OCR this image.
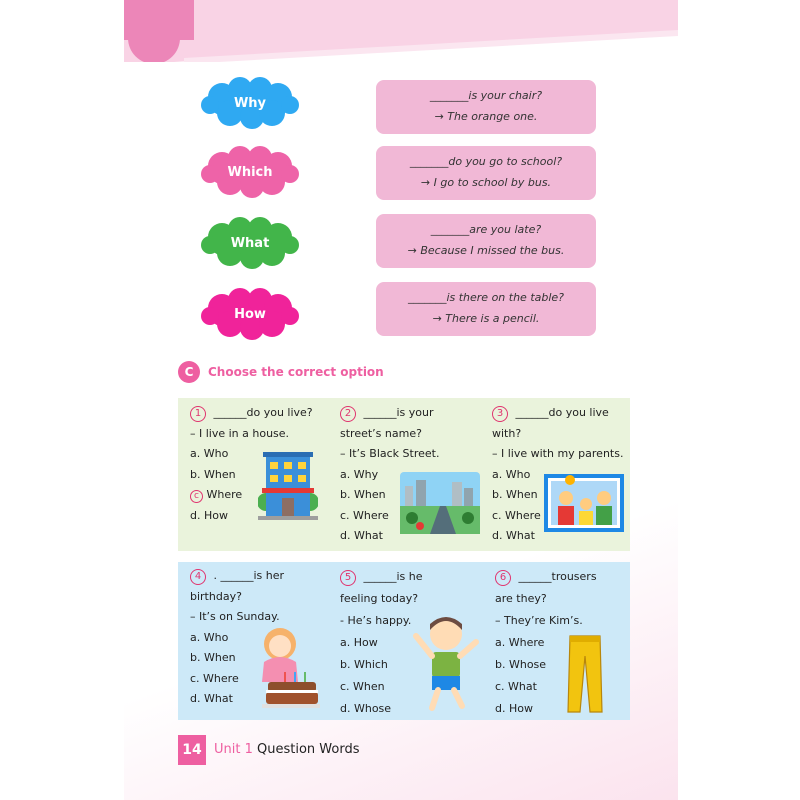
Why
Which
What
How
_______is your chair?
→ The orange one.
_______do you go to school?
→ I go to school by bus.
_______are you late?
→ Because I missed the bus.
_______is there on the table?
→ There is a pencil.
C	Choose the correct option
1 ______do you live?
– I live in a house.
a. Who
b. When
c Where
d. How
2 ______is your
street’s name?
– It’s Black Street.
a. Why
b. When
c. Where
d. What
3 ______do you live
with?
– I live with my parents.
a. Who
b. When
c. Where
d. What
4 . ______is her
birthday?
– It’s on Sunday.
a. Who
b. When
c. Where
d. What
5 ______is he
feeling today?
- He’s happy.
a. How
b. Which
c. When
d. Whose
6 ______trousers
are they?
– They’re Kim’s.
a. Where
b. Whose
c. What
d. How
14 Unit 1 Question Words
